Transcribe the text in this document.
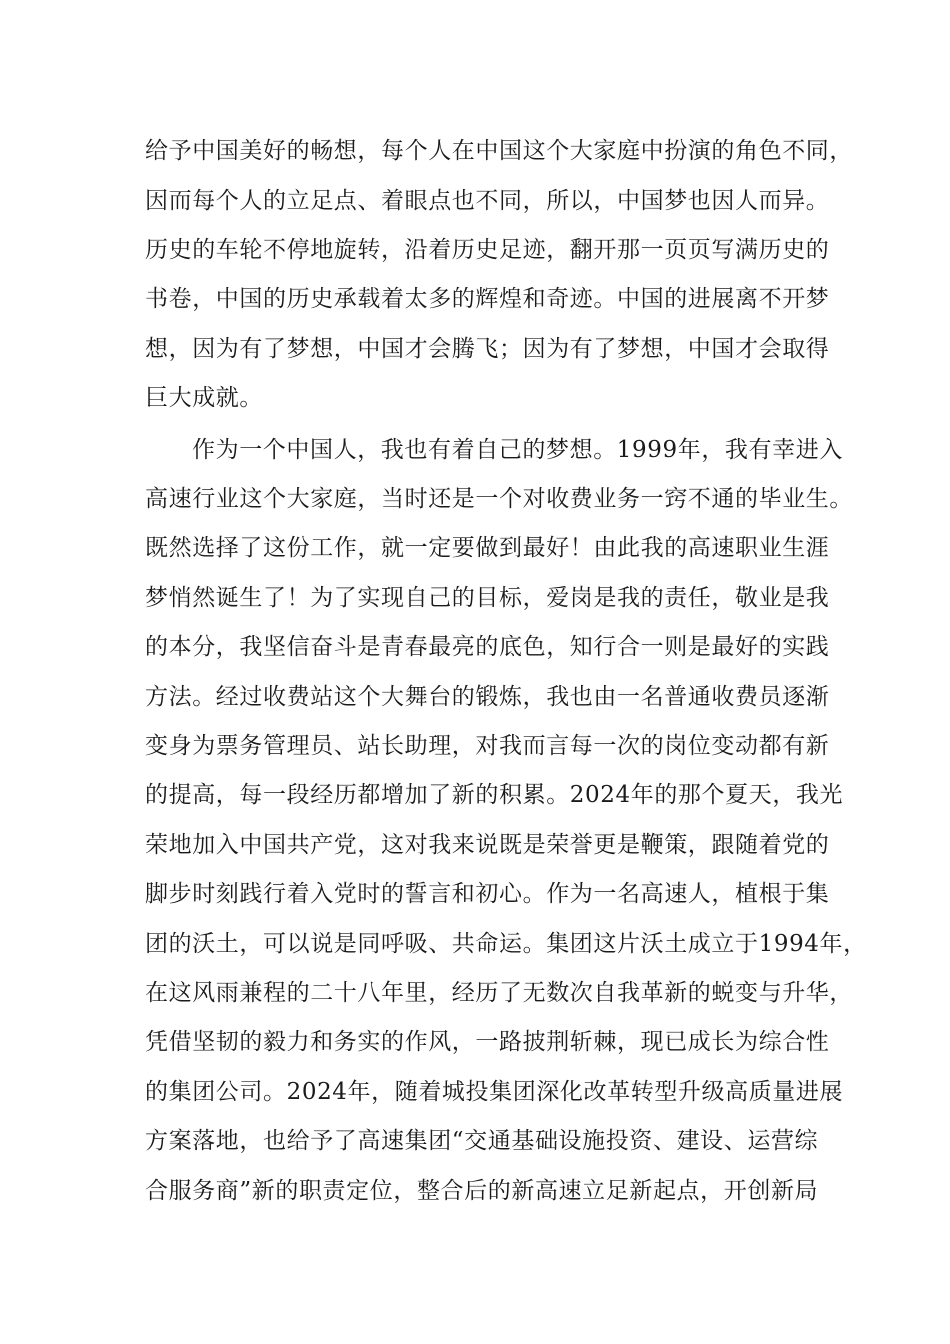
给予中国美好的畅想，每个人在中国这个大家庭中扮演的角色不同，
因而每个人的立足点、着眼点也不同，所以，中国梦也因人而异。
历史的车轮不停地旋转，沿着历史足迹，翻开那一页页写满历史的
书卷，中国的历史承载着太多的辉煌和奇迹。中国的进展离不开梦
想，因为有了梦想，中国才会腾飞；因为有了梦想，中国才会取得
巨大成就。
作为一个中国人，我也有着自己的梦想。1999年，我有幸进入
高速行业这个大家庭，当时还是一个对收费业务一窍不通的毕业生。
既然选择了这份工作，就一定要做到最好！由此我的高速职业生涯
梦悄然诞生了！为了实现自己的目标，爱岗是我的责任，敬业是我
的本分，我坚信奋斗是青春最亮的底色，知行合一则是最好的实践
方法。经过收费站这个大舞台的锻炼，我也由一名普通收费员逐渐
变身为票务管理员、站长助理，对我而言每一次的岗位变动都有新
的提高，每一段经历都增加了新的积累。2024年的那个夏天，我光
荣地加入中国共产党，这对我来说既是荣誉更是鞭策，跟随着党的
脚步时刻践行着入党时的誓言和初心。作为一名高速人，植根于集
团的沃土，可以说是同呼吸、共命运。集团这片沃土成立于1994年，
在这风雨兼程的二十八年里，经历了无数次自我革新的蜕变与升华，
凭借坚韧的毅力和务实的作风，一路披荆斩棘，现已成长为综合性
的集团公司。2024年，随着城投集团深化改革转型升级高质量进展
方案落地，也给予了高速集团“交通基础设施投资、建设、运营综
合服务商”新的职责定位，整合后的新高速立足新起点，开创新局
